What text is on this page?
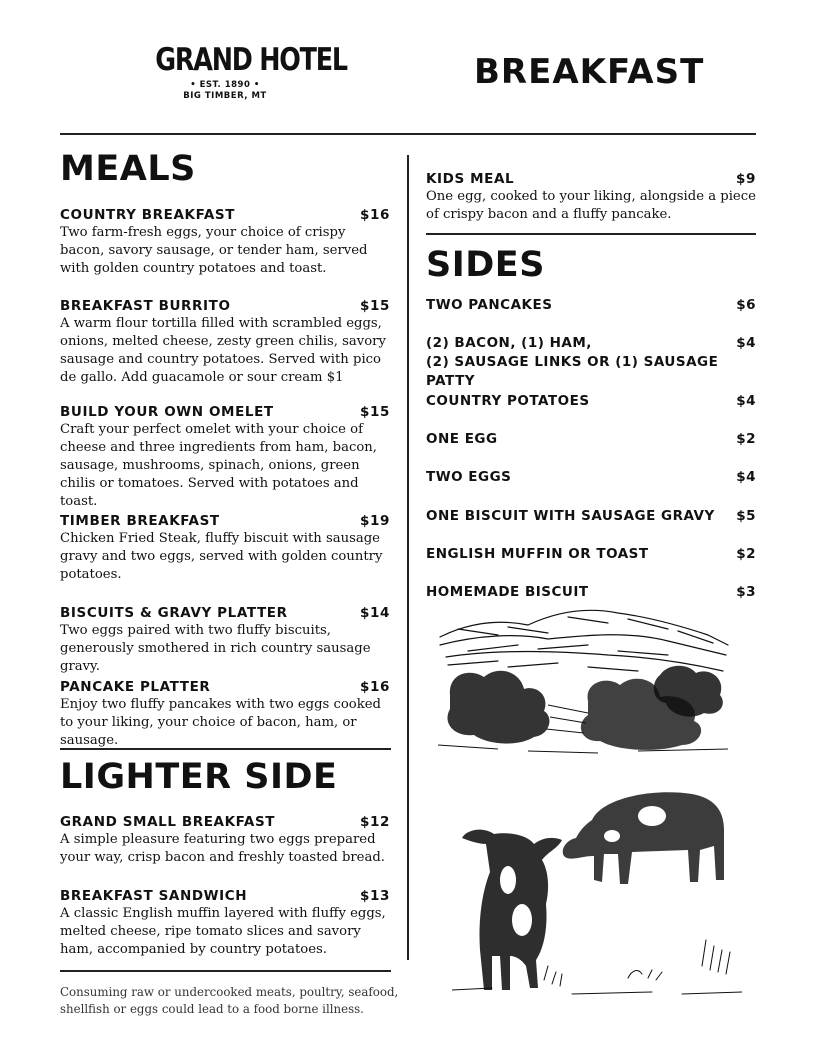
GRAND HOTEL
• EST. 1890 •
BIG TIMBER, MT
BREAKFAST
MEALS
COUNTRY BREAKFAST	$16
Two farm-fresh eggs, your choice of crispy bacon, savory sausage, or tender ham, served with golden country potatoes and toast.
BREAKFAST BURRITO	$15
A warm flour tortilla filled with scrambled eggs, onions, melted cheese, zesty green chilis, savory sausage and country potatoes. Served with pico de gallo. Add guacamole or sour cream $1
BUILD YOUR OWN OMELET	$15
Craft your perfect omelet with your choice of cheese and three ingredients from ham, bacon, sausage, mushrooms, spinach, onions, green chilis or tomatoes. Served with potatoes and toast.
TIMBER BREAKFAST	$19
Chicken Fried Steak, fluffy biscuit with sausage gravy and two eggs, served with golden country potatoes.
BISCUITS & GRAVY PLATTER	$14
Two eggs paired with two fluffy biscuits, generously smothered in rich country sausage gravy.
PANCAKE PLATTER	$16
Enjoy two fluffy pancakes with two eggs cooked to your liking, your choice of bacon, ham, or sausage.
LIGHTER SIDE
GRAND SMALL BREAKFAST	$12
A simple pleasure featuring two eggs prepared your way, crisp bacon and freshly toasted bread.
BREAKFAST SANDWICH	$13
A classic English muffin layered with fluffy eggs, melted cheese, ripe tomato slices and savory ham, accompanied by country potatoes.
Consuming raw or undercooked meats, poultry, seafood, shellfish or eggs could lead to a food borne illness.
KIDS MEAL	$9
One egg, cooked to your liking, alongside a piece of crispy bacon and a fluffy pancake.
SIDES
TWO PANCAKES	$6
(2) BACON, (1) HAM,	$4
(2) SAUSAGE LINKS OR (1) SAUSAGE PATTY
COUNTRY POTATOES	$4
ONE EGG	$2
TWO EGGS	$4
ONE BISCUIT WITH SAUSAGE GRAVY $5
ENGLISH MUFFIN OR TOAST	$2
HOMEMADE BISCUIT	$3
